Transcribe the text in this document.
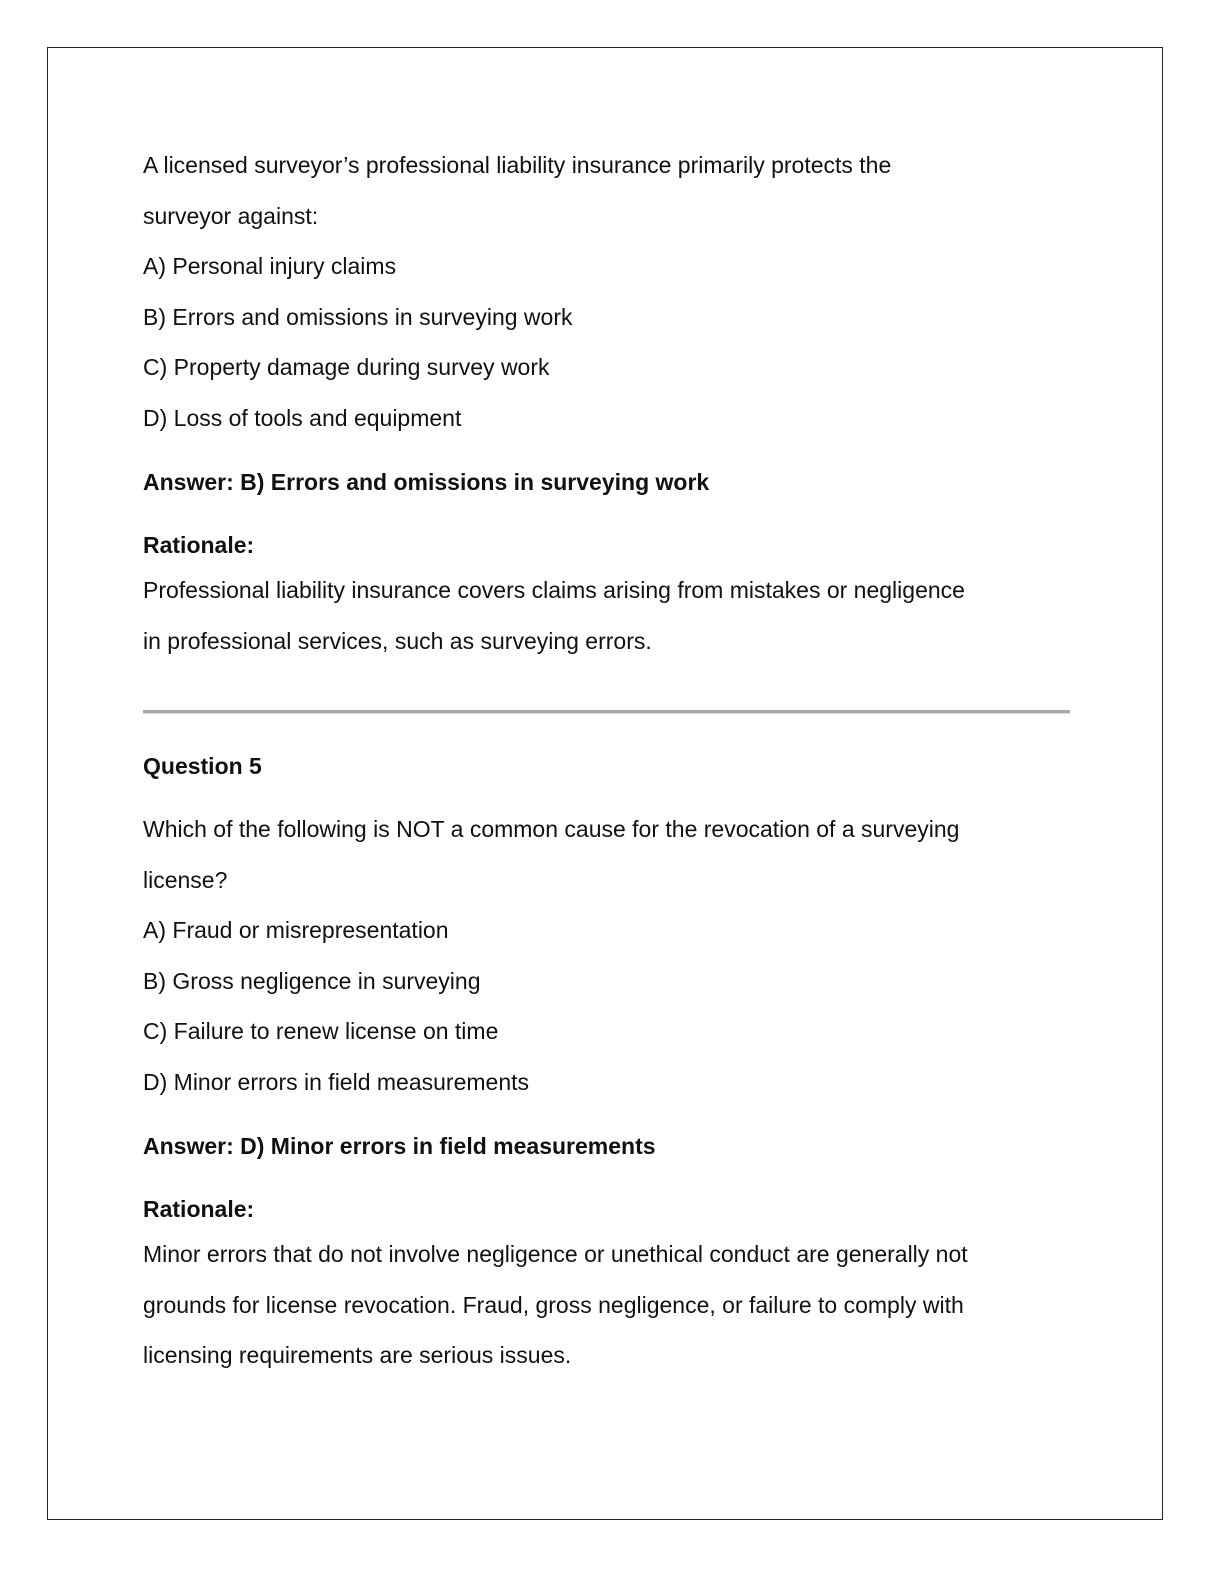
A licensed surveyor’s professional liability insurance primarily protects the

surveyor against:

A) Personal injury claims

B) Errors and omissions in surveying work

C) Property damage during survey work

D) Loss of tools and equipment

Answer: B) Errors and omissions in surveying work

Rationale:

Professional liability insurance covers claims arising from mistakes or negligence
in professional services, such as surveying errors.

Question 5

Which of the following is NOT a common cause for the revocation of a surveying

license?

A) Fraud or misrepresentation

B) Gross negligence in surveying

C) Failure to renew license on time

D) Minor errors in field measurements

Answer: D) Minor errors in field measurements

Rationale:

Minor errors that do not involve negligence or unethical conduct are generally not
grounds for license revocation. Fraud, gross negligence, or failure to comply with
licensing requirements are serious issues.
